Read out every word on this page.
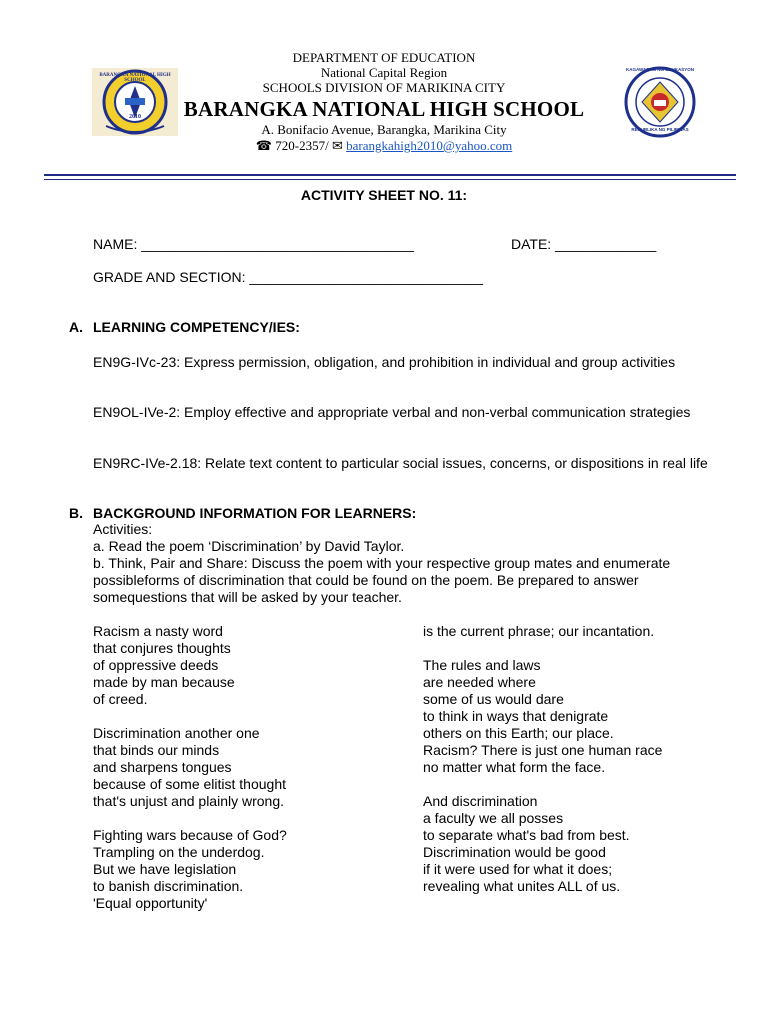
BARANGKA NATIONAL HIGH SCHOOL
2010
KAGAWARAN NG EDUKASYON
REPUBLIKA NG PILIPINAS
DEPARTMENT OF EDUCATION
National Capital Region
SCHOOLS DIVISION OF MARIKINA CITY
BARANGKA NATIONAL HIGH SCHOOL
A. Bonifacio Avenue, Barangka, Marikina City
☎ 720-2357/ ✉ barangkahigh2010@yahoo.com
ACTIVITY SHEET NO. 11:
NAME: ___________________________________	DATE: _____________
GRADE AND SECTION: ______________________________
A. LEARNING COMPETENCY/IES:
EN9G-IVc-23: Express permission, obligation, and prohibition in individual and group activities
EN9OL-IVe-2: Employ effective and appropriate verbal and non-verbal communication strategies
EN9RC-IVe-2.18: Relate text content to particular social issues, concerns, or dispositions in real life
B. BACKGROUND INFORMATION FOR LEARNERS:
Activities:
a. Read the poem ‘Discrimination’ by David Taylor.
b. Think, Pair and Share: Discuss the poem with your respective group mates and enumerate possibleforms of discrimination that could be found on the poem. Be prepared to answer somequestions that will be asked by your teacher.
Racism a nasty word
that conjures thoughts
of oppressive deeds
made by man because
of creed.
Discrimination another one
that binds our minds
and sharpens tongues
because of some elitist thought
that's unjust and plainly wrong.
Fighting wars because of God?
Trampling on the underdog.
But we have legislation
to banish discrimination.
'Equal opportunity'
is the current phrase; our incantation.
The rules and laws
are needed where
some of us would dare
to think in ways that denigrate
others on this Earth; our place.
Racism? There is just one human race
no matter what form the face.
And discrimination
a faculty we all posses
to separate what's bad from best.
Discrimination would be good
if it were used for what it does;
revealing what unites ALL of us.
